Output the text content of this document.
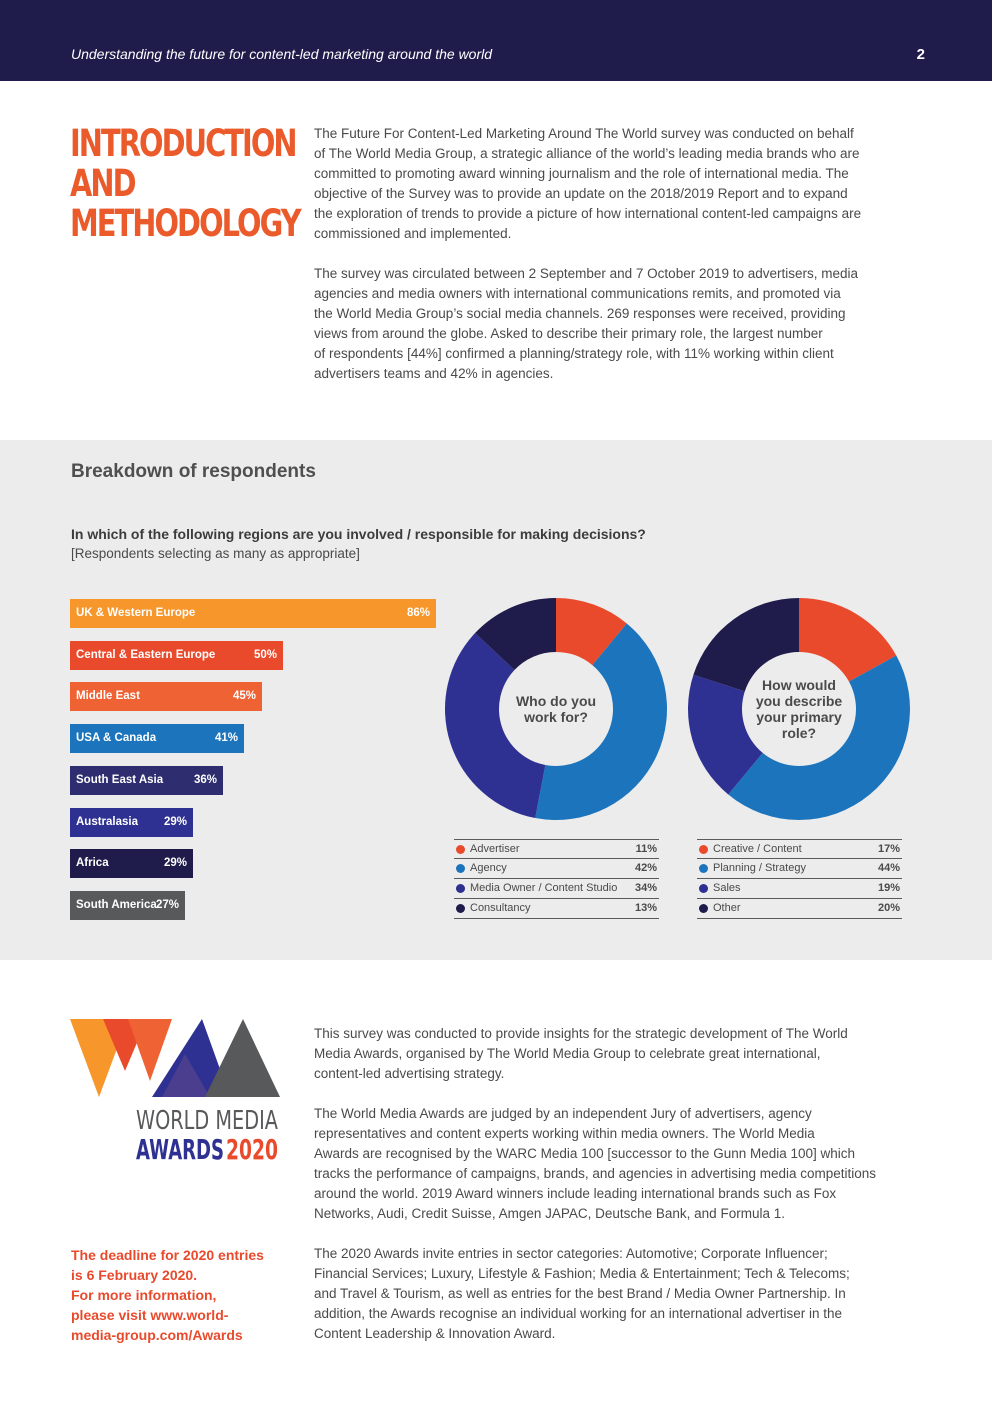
Understanding the future for content-led marketing around the world	2
INTRODUCTION
AND
METHODOLOGY
The Future For Content-Led Marketing Around The World survey was conducted on behalf
of The World Media Group, a strategic alliance of the world’s leading media brands who are
committed to promoting award winning journalism and the role of international media. The
objective of the Survey was to provide an update on the 2018/2019 Report and to expand
the exploration of trends to provide a picture of how international content-led campaigns are
commissioned and implemented.
The survey was circulated between 2 September and 7 October 2019 to advertisers, media
agencies and media owners with international communications remits, and promoted via
the World Media Group’s social media channels. 269 responses were received, providing
views from around the globe. Asked to describe their primary role, the largest number
of respondents [44%] confirmed a planning/strategy role, with 11% working within client
advertisers teams and 42% in agencies.
Breakdown of respondents
In which of the following regions are you involved / responsible for making decisions?
[Respondents selecting as many as appropriate]
UK & Western Europe	86%
Central & Eastern Europe	50%
Middle East	45%
USA & Canada	41%
South East Asia	36%
Australasia 29%
Africa	29%
South America 27%
Who do you
work for?
How would
you describe
your primary
role?
Advertiser	11%
Agency	42%
Media Owner / Content Studio 34%
Consultancy	13%
Creative / Content	17%
Planning / Strategy	44%
Sales	19%
Other	20%
WORLD MEDIA
AWARDS 2020
The deadline for 2020 entries
is 6 February 2020.
For more information,
please visit www.world-
media-group.com/Awards
This survey was conducted to provide insights for the strategic development of The World
Media Awards, organised by The World Media Group to celebrate great international,
content-led advertising strategy.
The World Media Awards are judged by an independent Jury of advertisers, agency
representatives and content experts working within media owners. The World Media
Awards are recognised by the WARC Media 100 [successor to the Gunn Media 100] which
tracks the performance of campaigns, brands, and agencies in advertising media competitions
around the world. 2019 Award winners include leading international brands such as Fox
Networks, Audi, Credit Suisse, Amgen JAPAC, Deutsche Bank, and Formula 1.
The 2020 Awards invite entries in sector categories: Automotive; Corporate Influencer;
Financial Services; Luxury, Lifestyle & Fashion; Media & Entertainment; Tech & Telecoms;
and Travel & Tourism, as well as entries for the best Brand / Media Owner Partnership. In
addition, the Awards recognise an individual working for an international advertiser in the
Content Leadership & Innovation Award.
